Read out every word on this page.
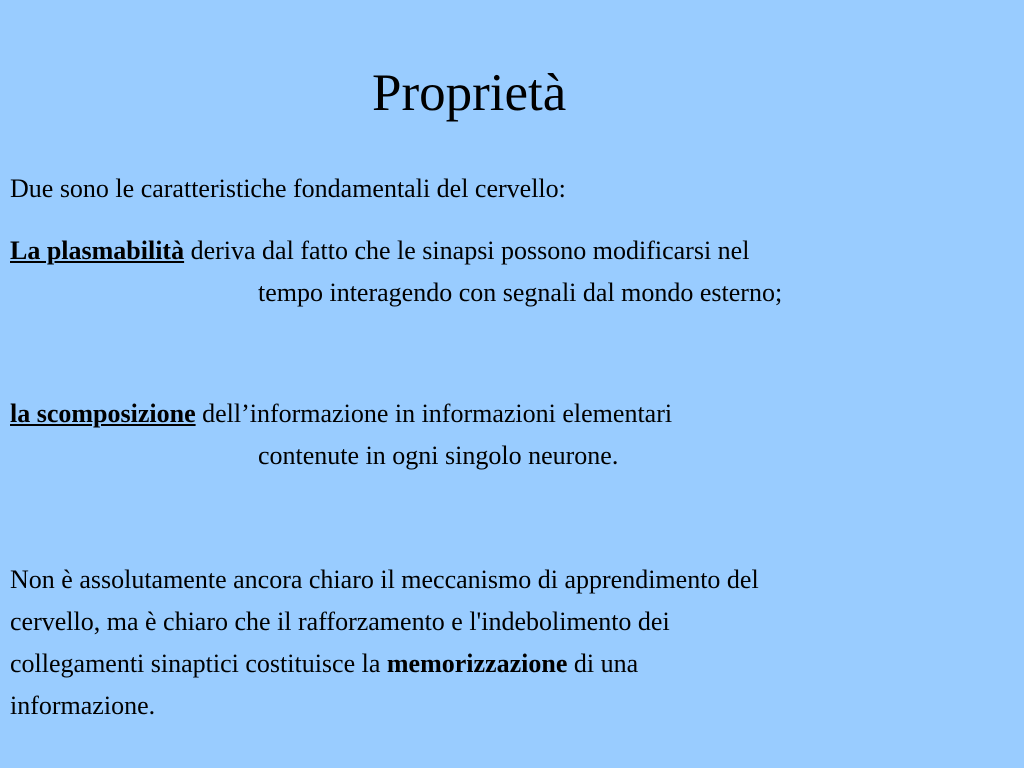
Proprietà

Due sono le caratteristiche fondamentali del cervello:

La plasmabilità deriva dal fatto che le sinapsi possono modificarsi nel
tempo interagendo con segnali dal mondo esterno;
la scomposizione dell’informazione in informazioni elementari
contenute in ogni singolo neurone.
Non è assolutamente ancora chiaro il meccanismo di apprendimento del
cervello, ma è chiaro che il rafforzamento e l'indebolimento dei
collegamenti sinaptici costituisce la memorizzazione di una
informazione.
